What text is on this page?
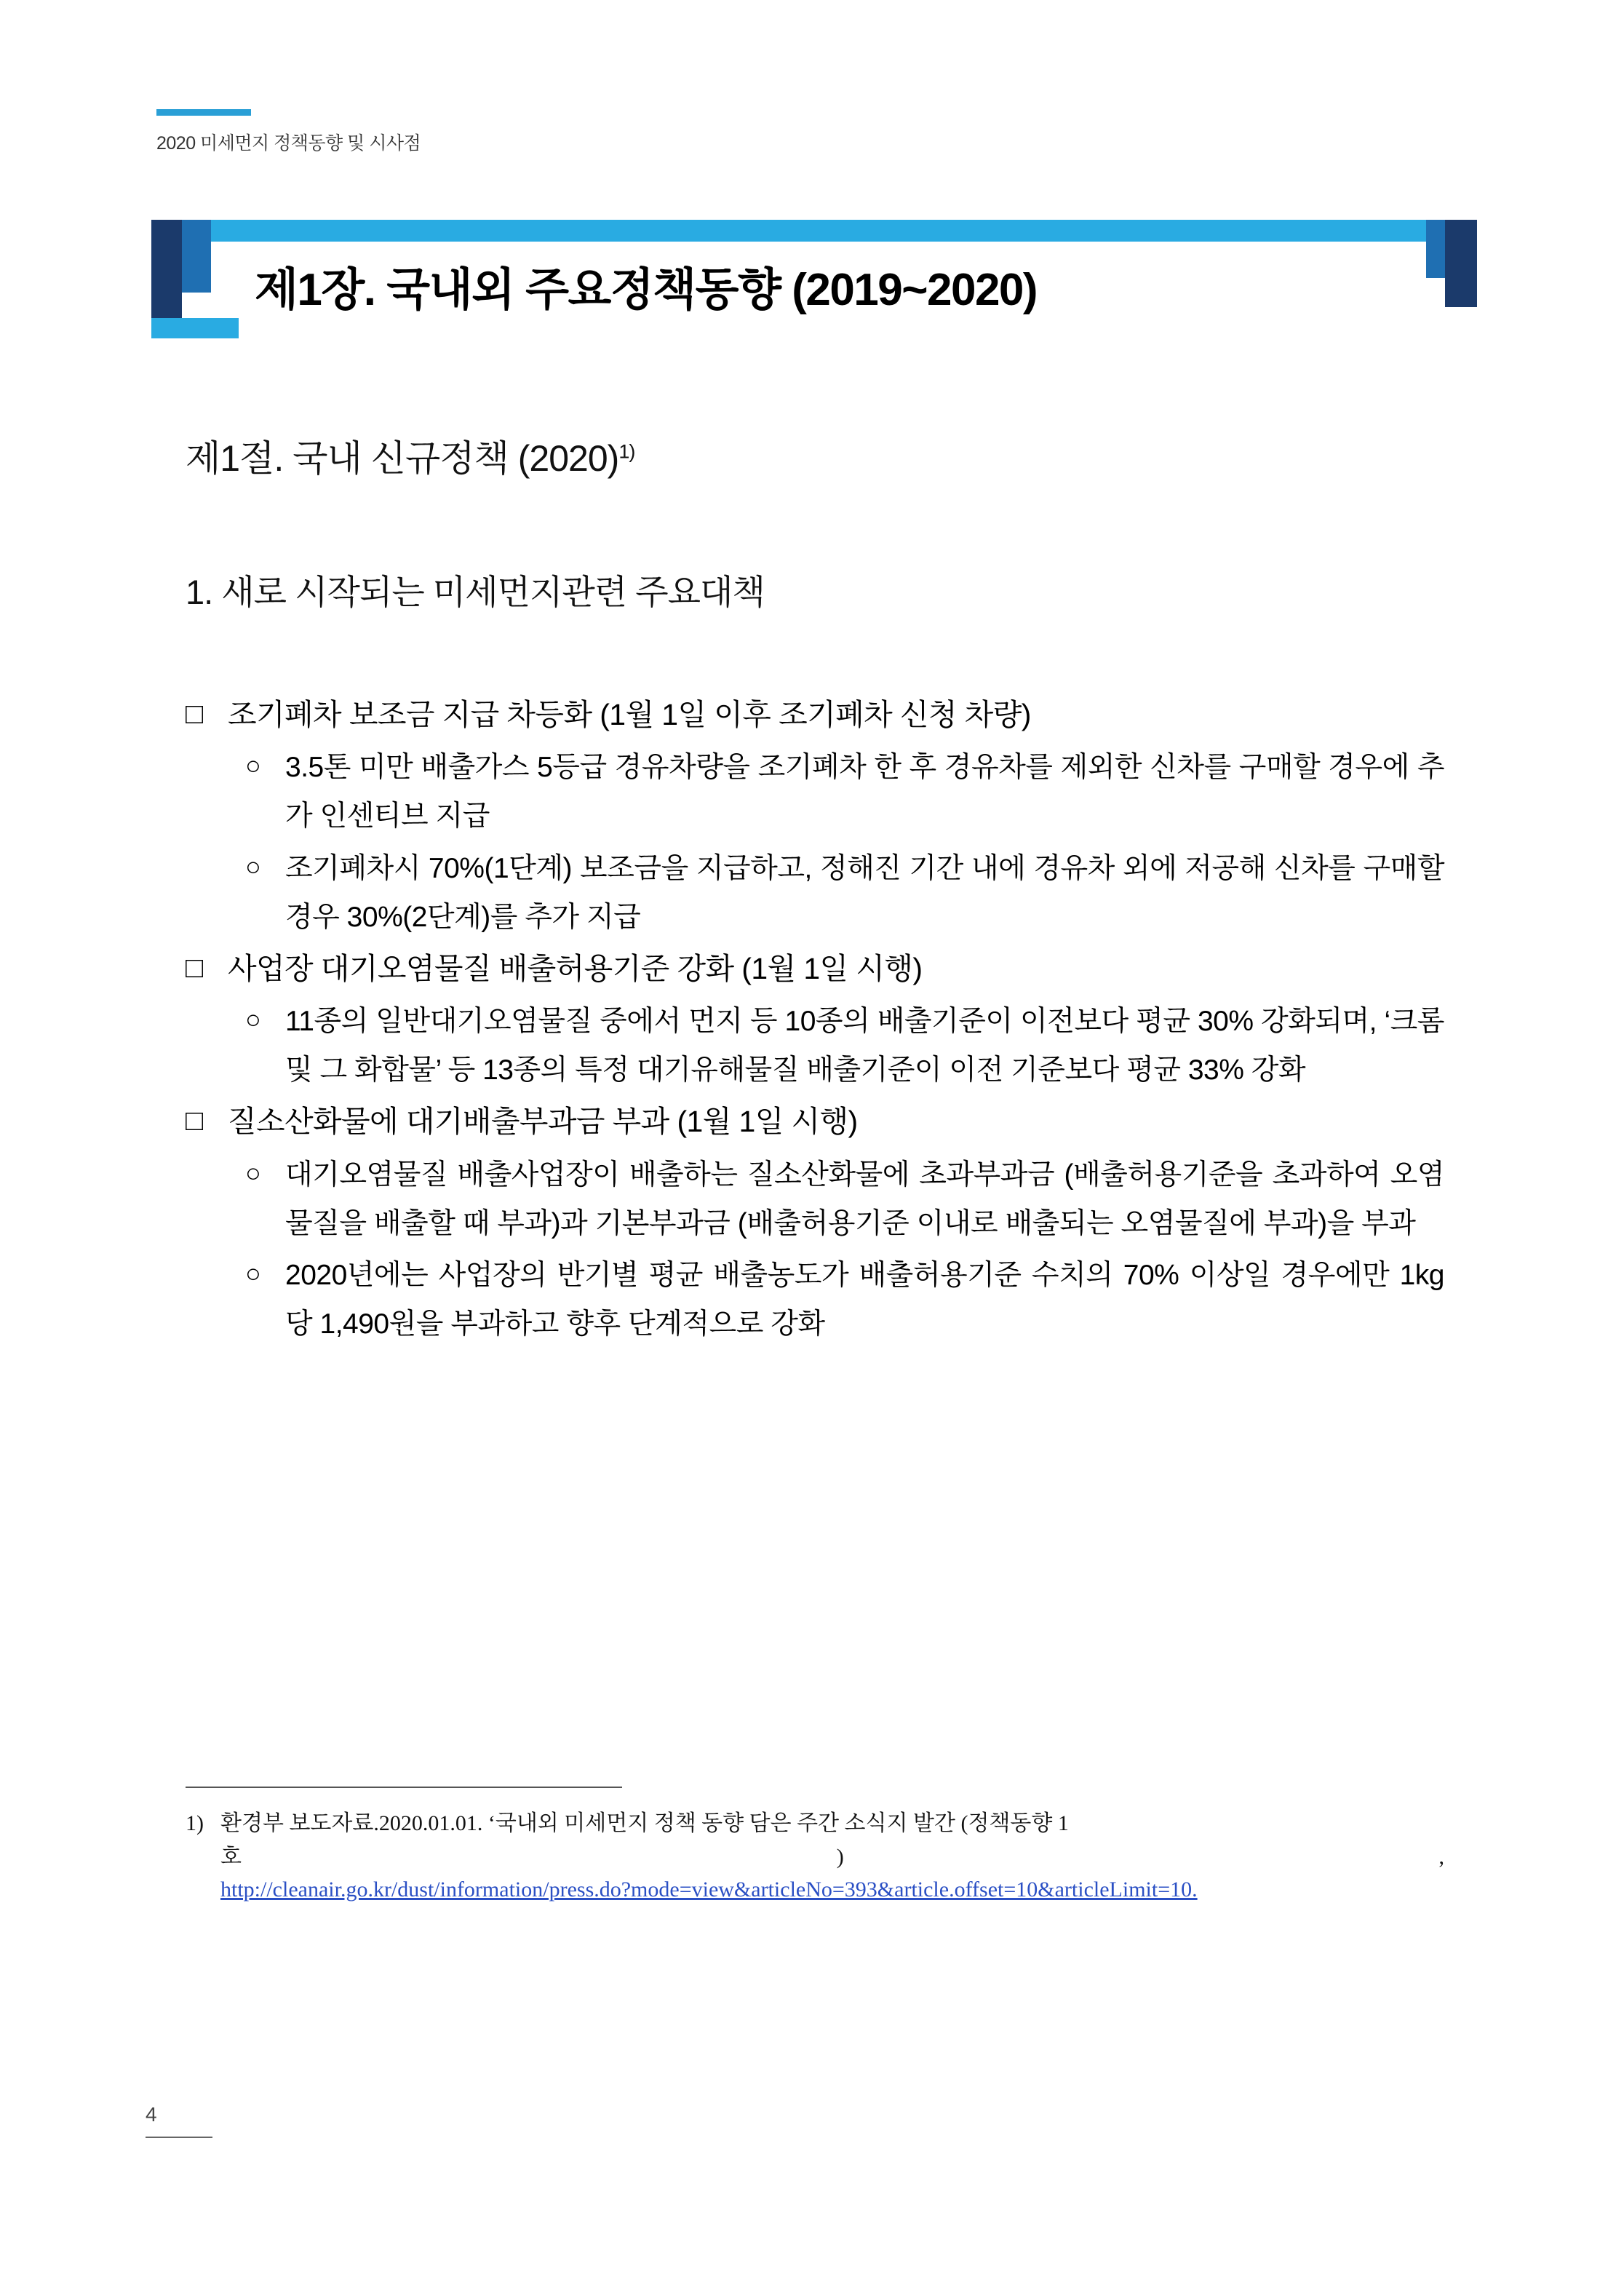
2020 미세먼지 정책동향 및 시사점
제1장. 국내외 주요정책동향 (2019~2020)
제1절. 국내 신규정책 $(2020)^{1)}$
1. 새로 시작되는 미세먼지관련 주요대책
□ 조기폐차 보조금 지급 차등화 (1월 1일 이후 조기폐차 신청 차량)
○ 3.5톤 미만 배출가스 5등급 경유차량을 조기폐차 한 후 경유차를 제외한 신차를 구매할 경우에 추가 인센티브 지급
○ 조기폐차시 70%(1단계) 보조금을 지급하고, 정해진 기간 내에 경유차 외에 저공해 신차를 구매할 경우 30%(2단계)를 추가 지급
□ 사업장 대기오염물질 배출허용기준 강화 (1월 1일 시행)
○ 11종의 일반대기오염물질 중에서 먼지 등 10종의 배출기준이 이전보다 평균 30% 강화되며, ‘크롬 및 그 화합물’ 등 13종의 특정 대기유해물질 배출기준이 이전 기준보다 평균 33% 강화
□ 질소산화물에 대기배출부과금 부과 (1월 1일 시행)
○ 대기오염물질 배출사업장이 배출하는 질소산화물에 초과부과금 (배출허용기준을 초과하여 오염물질을 배출할 때 부과)과 기본부과금 (배출허용기준 이내로 배출되는 오염물질에 부과)을 부과
○ 2020년에는 사업장의 반기별 평균 배출농도가 배출허용기준 수치의 70% 이상일 경우에만 1kg 당 1,490원을 부과하고 향후 단계적으로 강화
1) 환경부 보도자료.2020.01.01. ‘국내외 미세먼지 정책 동향 담은 주간 소식지 발간 (정책동향 1
호	)	,
http://cleanair.go.kr/dust/information/press.do?mode=view&articleNo=393&article.offset=10&articleLimit=10.
4
